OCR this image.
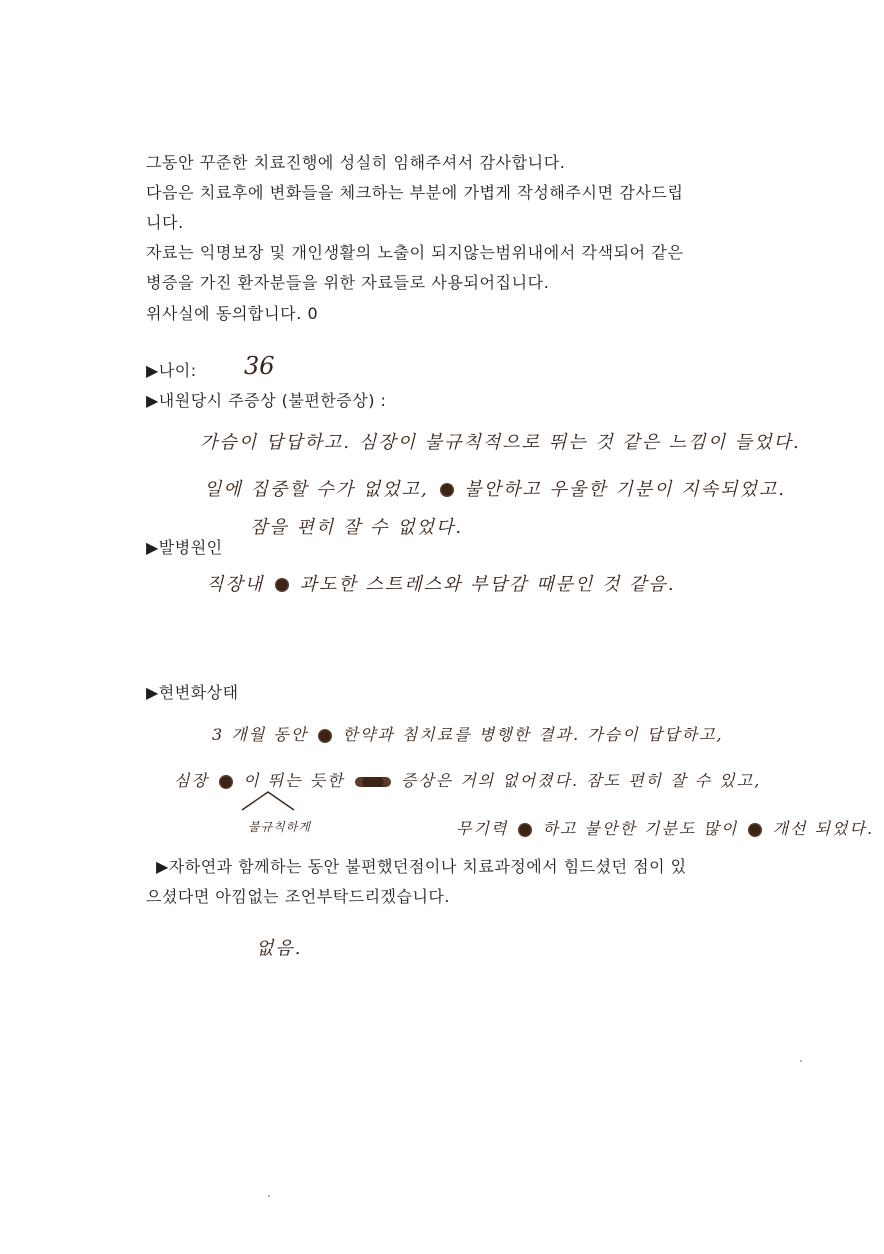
그동안 꾸준한 치료진행에 성실히 임해주셔서 감사합니다.

다음은 치료후에 변화들을 체크하는 부분에 가볍게 작성해주시면 감사드립

니다.

자료는 익명보장 및 개인생활의 노출이 되지않는범위내에서 각색되어 같은

병증을 가진 환자분들을 위한 자료들로 사용되어집니다.

위사실에 동의합니다. 0

▶나이: 36
▶내원당시 주증상 (불편한증상) :
가슴이 답답하고. 심장이 불규칙적으로 뛰는 것 같은 느낌이 들었다.
일에 집중할 수가 없었고, 불안하고 우울한 기분이 지속되었고.
잠을 편히 잘 수 없었다.
▶발병원인
직장내 과도한 스트레스와 부담감 때문인 것 같음.
▶현변화상태
3 개월 동안 한약과 침치료를 병행한 결과. 가슴이 답답하고,
심장 이 뛰는 듯한	증상은 거의 없어졌다. 잠도 편히 잘 수 있고,
불규칙하게	무기력 하고 불안한 기분도 많이 개선 되었다.
▶자하연과 함께하는 동안 불편했던점이나 치료과정에서 힘드셨던 점이 있
으셨다면 아낌없는 조언부탁드리겠습니다.
없음.
